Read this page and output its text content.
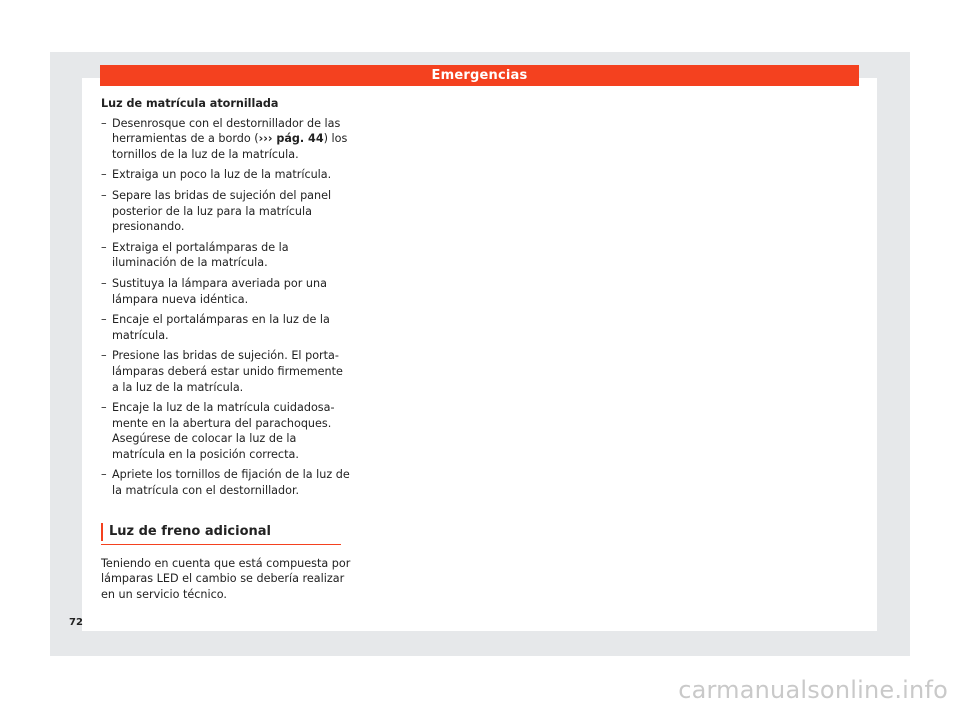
Emergencias
Luz de matrícula atornillada
– Desenrosque con el destornillador de las herramientas de a bordo (››› pág. 44) los tornillos de la luz de la matrícula.
– Extraiga un poco la luz de la matrícula.
– Separe las bridas de sujeción del panel posterior de la luz para la matrícula presionando.
– Extraiga el portalámparas de la iluminación de la matrícula.
– Sustituya la lámpara averiada por una lámpara nueva idéntica.
– Encaje el portalámparas en la luz de la matrícula.
– Presione las bridas de sujeción. El portalámparas deberá estar unido firmemente a la luz de la matrícula.
– Encaje la luz de la matrícula cuidadosamente en la abertura del parachoques. Asegúrese de colocar la luz de la matrícula en la posición correcta.
– Apriete los tornillos de fijación de la luz de la matrícula con el destornillador.
Luz de freno adicional
Teniendo en cuenta que está compuesta por lámparas LED el cambio se debería realizar en un servicio técnico.
72
carmanualsonline.info
